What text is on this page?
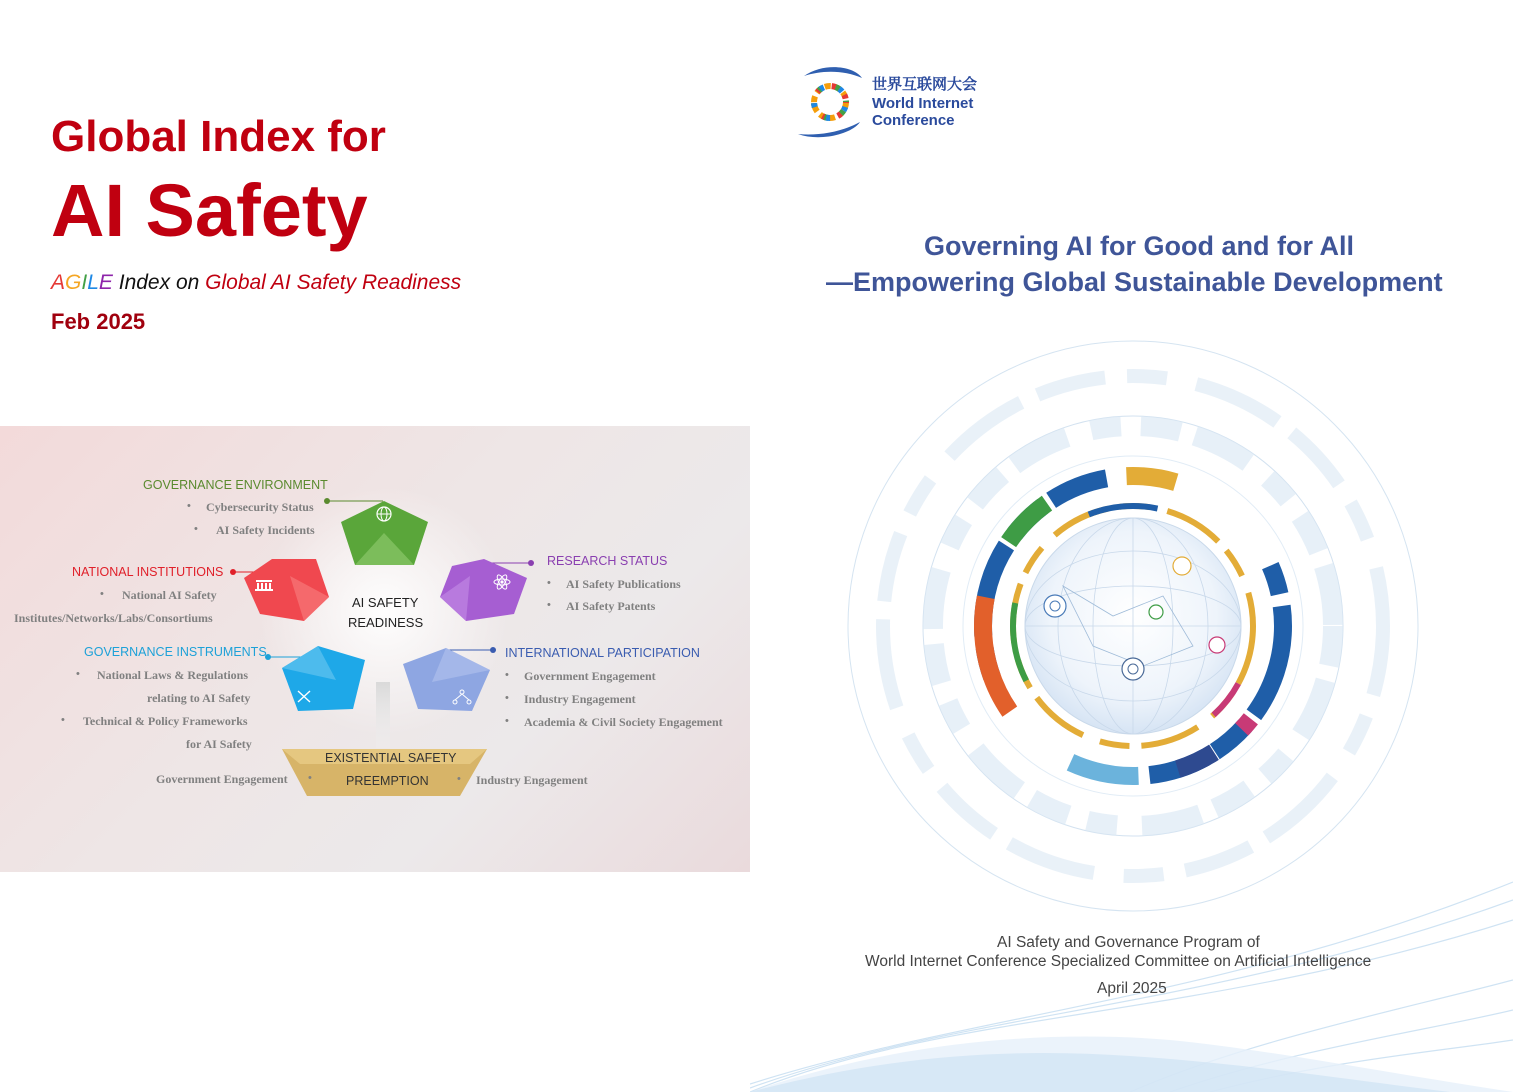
Global Index for
AI Safety
AGILE Index on Global AI Safety Readiness
Feb 2025
AI SAFETY
READINESS
GOVERNANCE ENVIRONMENT
• Cybersecurity Status
• AI Safety Incidents
NATIONAL INSTITUTIONS
• National AI Safety
Institutes/Networks/Labs/Consortiums
RESEARCH STATUS
• AI Safety Publications
• AI Safety Patents
GOVERNANCE INSTRUMENTS
• National Laws & Regulations
relating to AI Safety
• Technical & Policy Frameworks
for AI Safety
INTERNATIONAL PARTICIPATION
• Government Engagement
• Industry Engagement
• Academia & Civil Society Engagement
EXISTENTIAL SAFETY
PREEMPTION
Government Engagement •	• Industry Engagement
世界互联网大会
World Internet
Conference
Governing AI for Good and for All
—Empowering Global Sustainable Development
AI Safety and Governance Program of
World Internet Conference Specialized Committee on Artificial Intelligence
April 2025
